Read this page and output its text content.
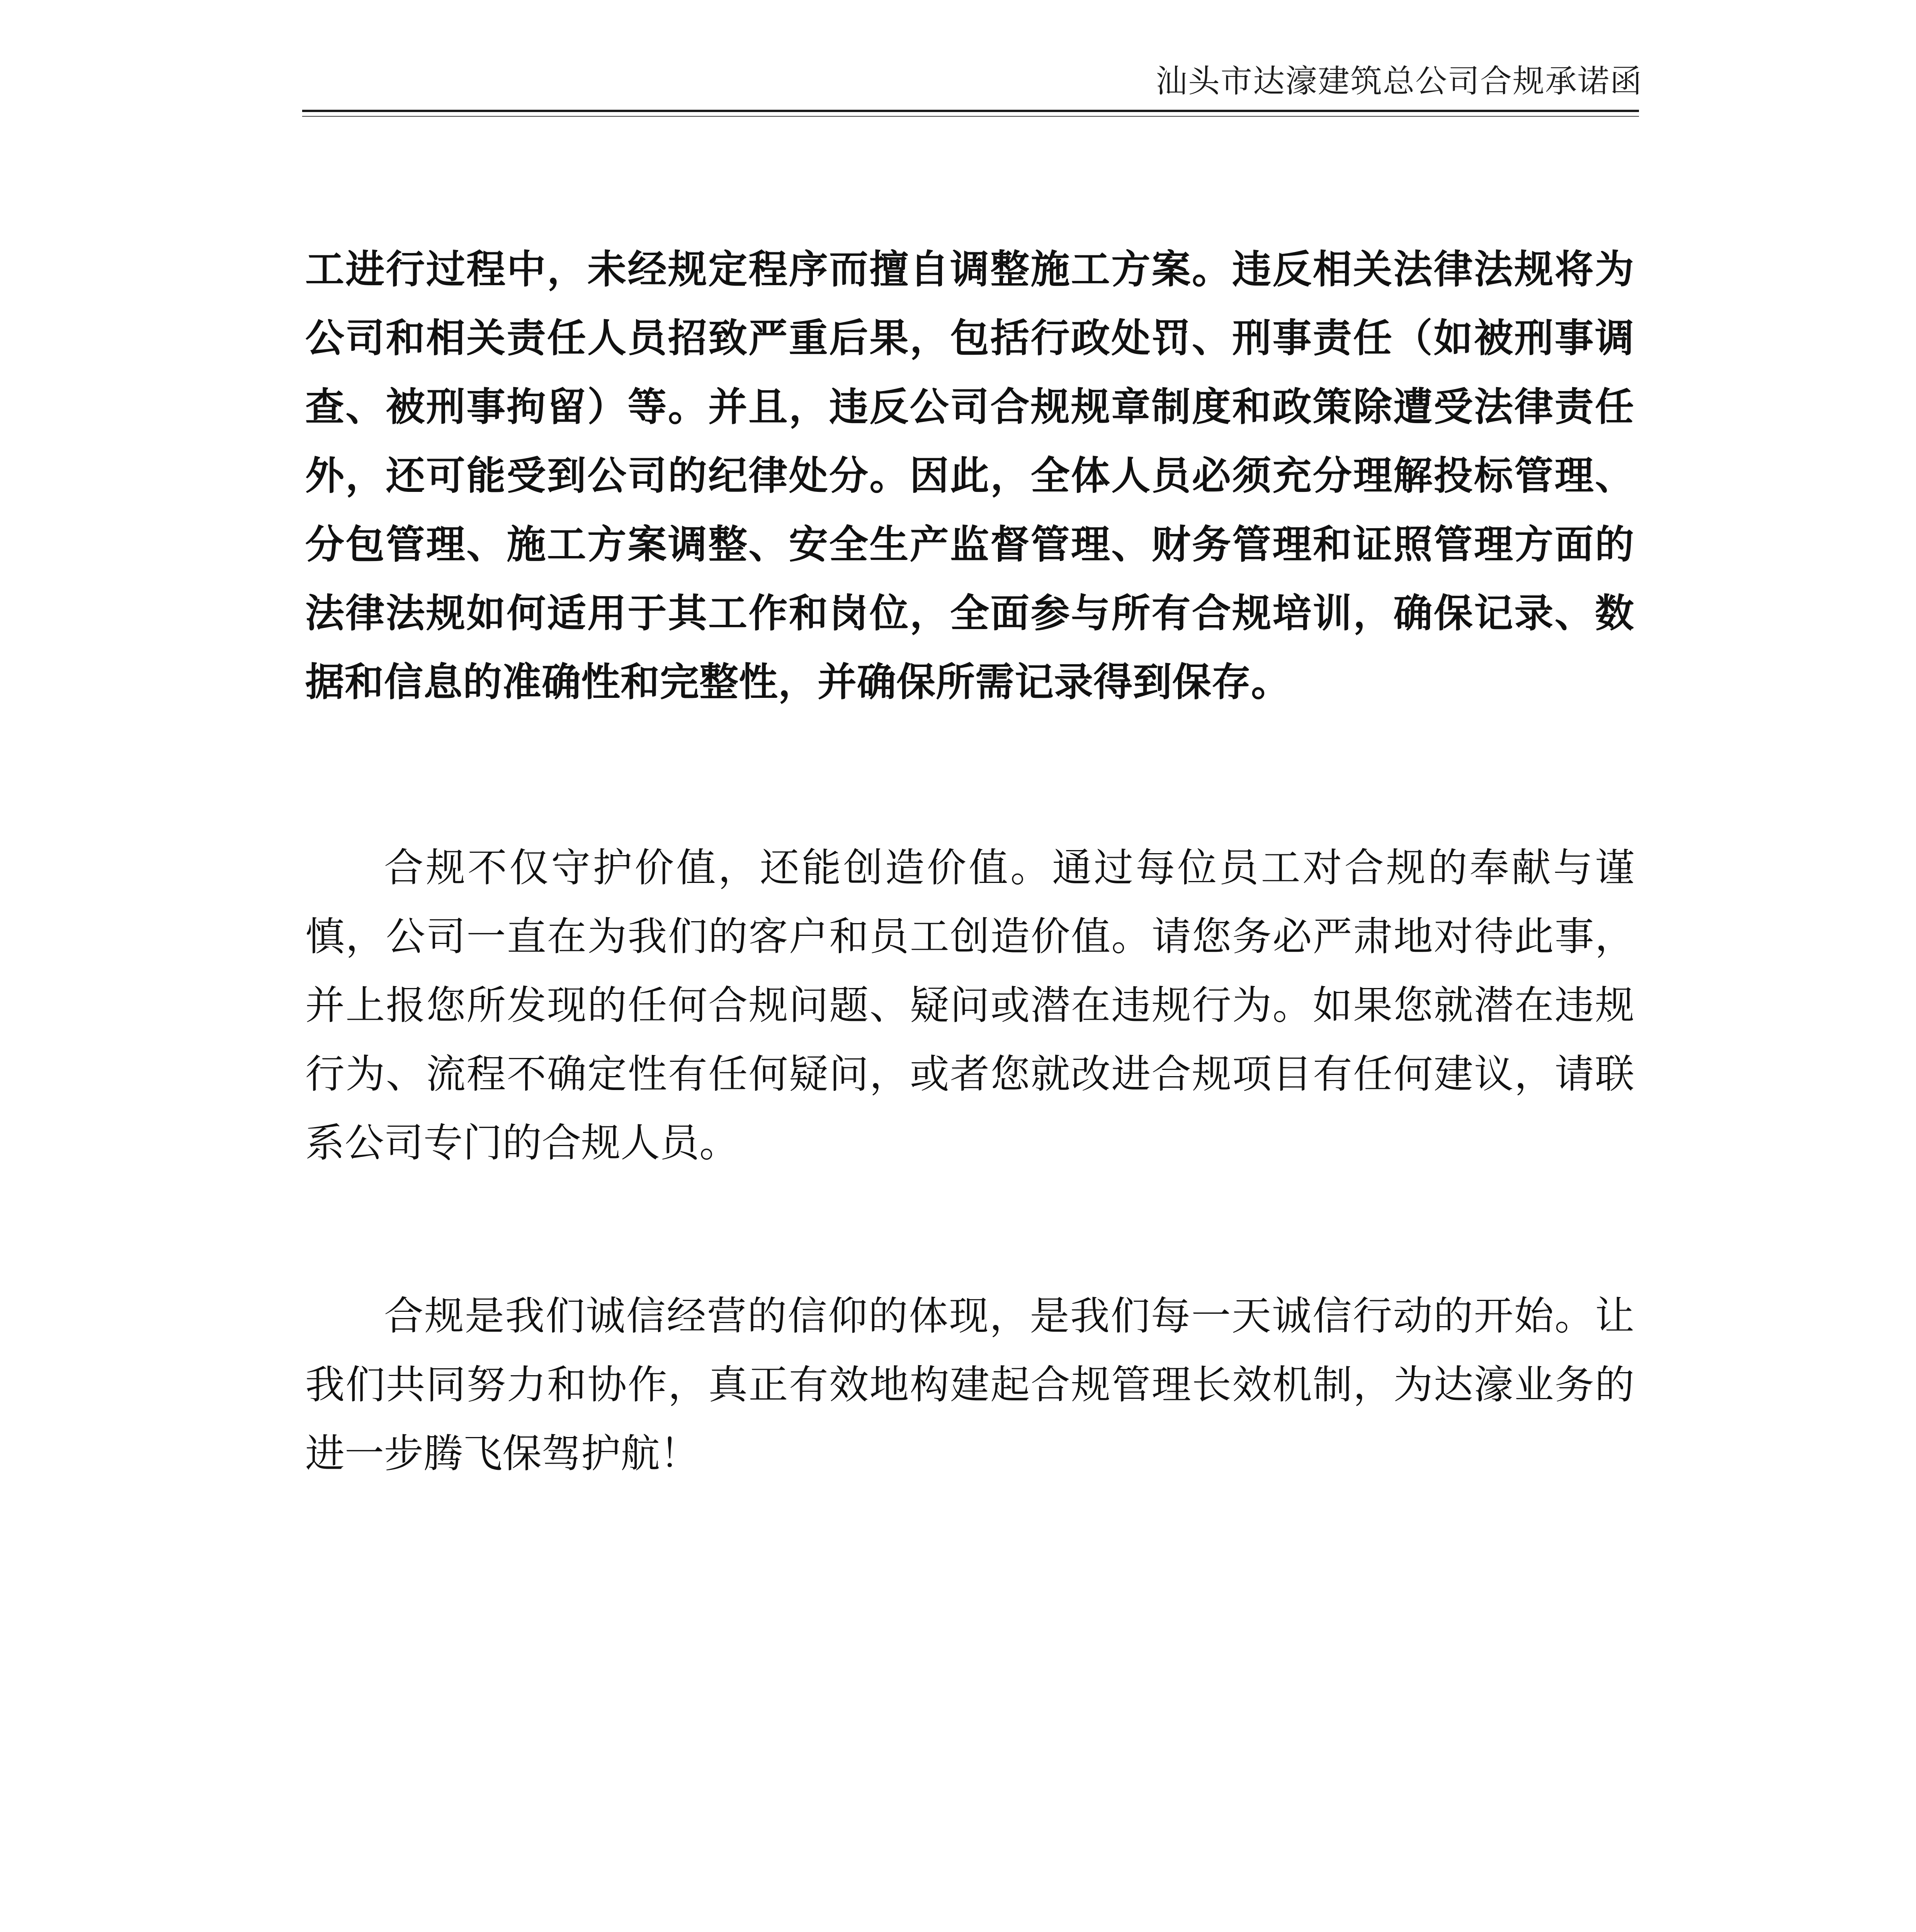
汕头市达濠建筑总公司合规承诺函

工进行过程中，未经规定程序而擅自调整施工方案。违反相关法律法规将为公司和相关责任人员招致严重后果，包括行政处罚、刑事责任（如被刑事调查、被刑事拘留）等。并且，违反公司合规规章制度和政策除遭受法律责任外，还可能受到公司的纪律处分。因此，全体人员必须充分理解投标管理、分包管理、施工方案调整、安全生产监督管理、财务管理和证照管理方面的法律法规如何适用于其工作和岗位，全面参与所有合规培训，确保记录、数据和信息的准确性和完整性，并确保所需记录得到保存。

合规不仅守护价值，还能创造价值。通过每位员工对合规的奉献与谨慎，公司一直在为我们的客户和员工创造价值。请您务必严肃地对待此事，并上报您所发现的任何合规问题、疑问或潜在违规行为。如果您就潜在违规行为、流程不确定性有任何疑问，或者您就改进合规项目有任何建议，请联系公司专门的合规人员。

合规是我们诚信经营的信仰的体现，是我们每一天诚信行动的开始。让我们共同努力和协作，真正有效地构建起合规管理长效机制，为达濠业务的进一步腾飞保驾护航！
